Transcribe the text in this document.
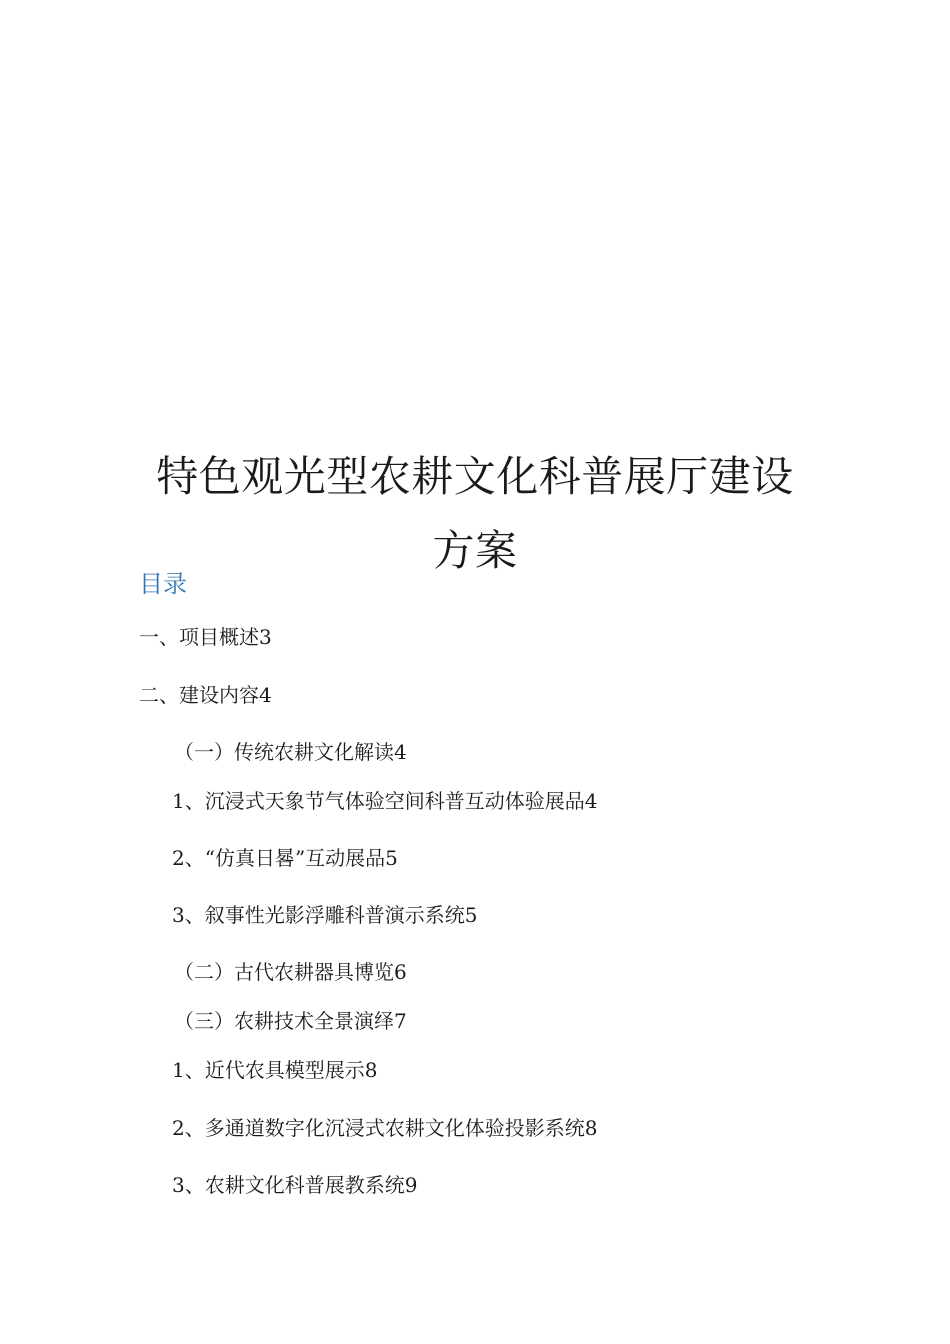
特色观光型农耕文化科普展厅建设
方案
目录
一、项目概述3
二、建设内容4
（一）传统农耕文化解读4
1、沉浸式天象节气体验空间科普互动体验展品4
2、“仿真日晷”互动展品5
3、叙事性光影浮雕科普演示系统5
（二）古代农耕器具博览6
（三）农耕技术全景演绎7
1、近代农具模型展示8
2、多通道数字化沉浸式农耕文化体验投影系统8
3、农耕文化科普展教系统9
